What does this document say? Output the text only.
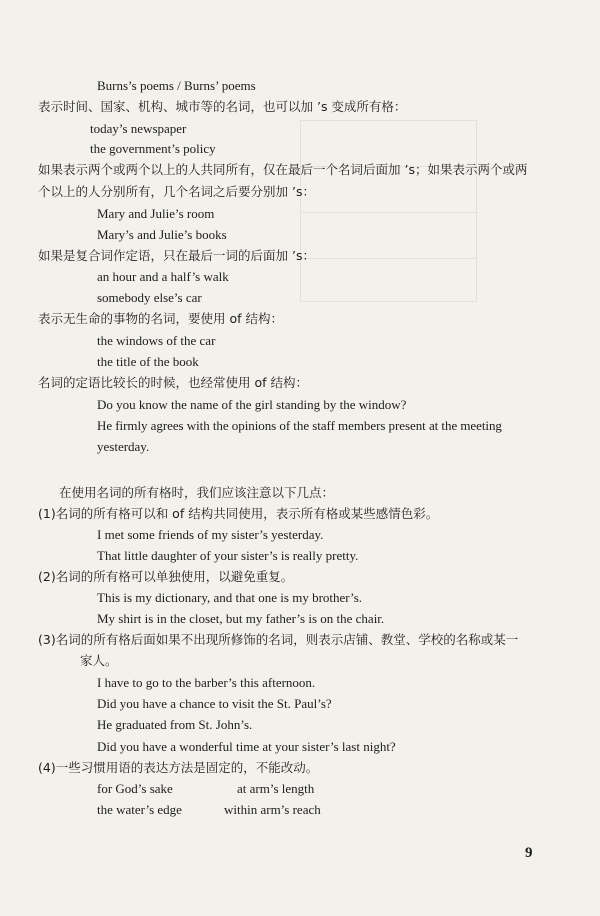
Burns’s poems / Burns’ poems
表示时间、国家、机构、城市等的名词，也可以加 ’s 变成所有格：
today’s newspaper
the government’s policy
如果表示两个或两个以上的人共同所有，仅在最后一个名词后面加 ’s；如果表示两个或两
个以上的人分别所有，几个名词之后要分别加 ’s：
Mary and Julie’s room
Mary’s and Julie’s books
如果是复合词作定语，只在最后一词的后面加 ’s：
an hour and a half’s walk
somebody else’s car
表示无生命的事物的名词，要使用 of 结构：
the windows of the car
the title of the book
名词的定语比较长的时候，也经常使用 of 结构：
Do you know the name of the girl standing by the window?
He firmly agrees with the opinions of the staff members present at the meeting
yesterday.
在使用名词的所有格时，我们应该注意以下几点：
(1)名词的所有格可以和 of 结构共同使用，表示所有格或某些感情色彩。
I met some friends of my sister’s yesterday.
That little daughter of your sister’s is really pretty.
(2)名词的所有格可以单独使用，以避免重复。
This is my dictionary, and that one is my brother’s.
My shirt is in the closet, but my father’s is on the chair.
(3)名词的所有格后面如果不出现所修饰的名词，则表示店铺、教堂、学校的名称或某一
家人。
I have to go to the barber’s this afternoon.
Did you have a chance to visit the St. Paul’s?
He graduated from St. John’s.
Did you have a wonderful time at your sister’s last night?
(4)一些习惯用语的表达方法是固定的，不能改动。
for God’s sake	at arm’s length
the water’s edge	within arm’s reach
9
